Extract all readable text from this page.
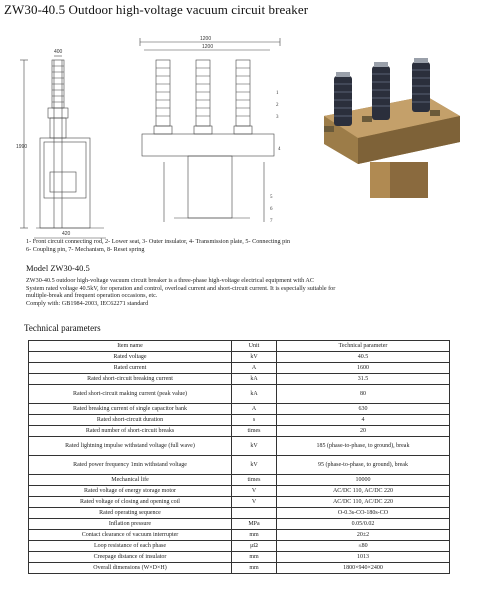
ZW30-40.5 Outdoor high-voltage vacuum circuit breaker
400
1990
1200
420
1200
1
2
3
4
5
6
7
1- Front circuit connecting rod, 2- Lower seat, 3- Outer insulator, 4- Transmission plate, 5- Connecting pin
6- Coupling pin, 7- Mechanism, 8- Reset spring
Model ZW30-40.5
ZW30-40.5 outdoor high-voltage vacuum circuit breaker is a three-phase high-voltage electrical equipment with AC
System rated voltage 40.5kV, for operation and control, overload current and short-circuit current. It is especially suitable for
multiple-break and frequent operation occasions, etc.
Comply with: GB1984-2003, IEC62271 standard
Technical parameters
Item name	Unit	Technical parameter
Rated voltage	kV	40.5
Rated current	A	1600
Rated short-circuit breaking current	kA	31.5
Rated short-circuit making current (peak value)	kA	80
Rated breaking current of single capacitor bank	A	630
Rated short-circuit duration	s	4
Rated number of short-circuit breaks	times	20
Rated lightning impulse withstand voltage (full wave)	kV	185 (phase-to-phase, to ground), break
Rated power frequency 1min withstand voltage	kV	95 (phase-to-phase, to ground), break
Mechanical life	times	10000
Rated voltage of energy storage motor	V	AC/DC 110, AC/DC 220
Rated voltage of closing and opening coil	V	AC/DC 110, AC/DC 220
Rated operating sequence		O-0.3s-CO-180s-CO
Inflation pressure	MPa	0.05/0.02
Contact clearance of vacuum interrupter	mm	20±2
Loop resistance of each phase	μΩ	≤80
Creepage distance of insulator	mm	1013
Overall dimensions (W×D×H)	mm	1800×940×2400
